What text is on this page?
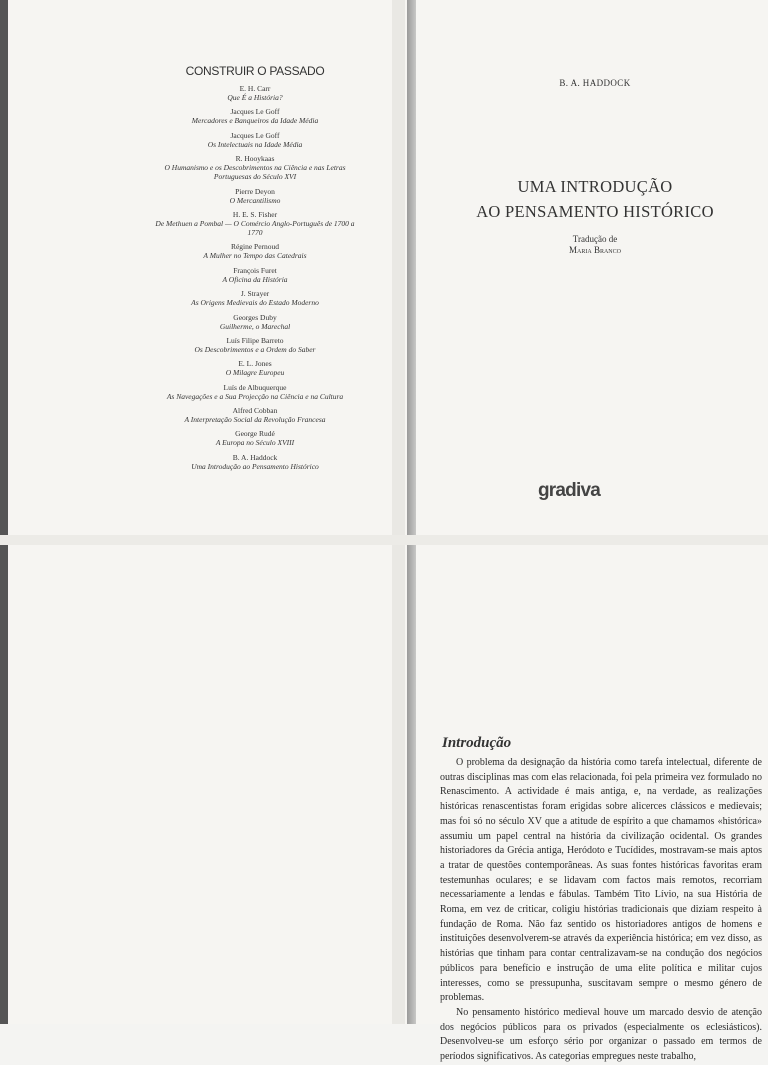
CONSTRUIR O PASSADO
E. H. Carr
Que É a História?
Jacques Le Goff
Mercadores e Banqueiros da Idade Média
Jacques Le Goff
Os Intelectuais na Idade Média
R. Hooykaas
O Humanismo e os Descobrimentos na Ciência e nas Letras Portuguesas do Século XVI
Pierre Deyon
O Mercantilismo
H. E. S. Fisher
De Methuen a Pombal — O Comércio Anglo-Português de 1700 a 1770
Régine Pernoud
A Mulher no Tempo das Catedrais
François Furet
A Oficina da História
J. Strayer
As Origens Medievais do Estado Moderno
Georges Duby
Guilherme, o Marechal
Luís Filipe Barreto
Os Descobrimentos e a Ordem do Saber
E. L. Jones
O Milagre Europeu
Luís de Albuquerque
As Navegações e a Sua Projecção na Ciência e na Cultura
Alfred Cobban
A Interpretação Social da Revolução Francesa
George Rudé
A Europa no Século XVIII
B. A. Haddock
Uma Introdução ao Pensamento Histórico
B. A. HADDOCK
UMA INTRODUÇÃO
AO PENSAMENTO HISTÓRICO
Tradução de
Maria Branco
gradiva
Introdução

O problema da designação da história como tarefa intelectual, diferente de outras disciplinas mas com elas relacionada, foi pela primeira vez formulado no Renascimento. A actividade é mais antiga, e, na verdade, as realizações históricas renascentistas foram erigidas sobre alicerces clássicos e medievais; mas foi só no século XV que a atitude de espírito a que chamamos «histórica» assumiu um papel central na história da civilização ocidental. Os grandes historiadores da Grécia antiga, Heródoto e Tucídides, mostravam-se mais aptos a tratar de questões contemporâneas. As suas fontes históricas favoritas eram testemunhas oculares; e se lidavam com factos mais remotos, recorriam necessariamente a lendas e fábulas. Também Tito Lívio, na sua História de Roma, em vez de criticar, coligiu histórias tradicionais que diziam respeito à fundação de Roma. Não faz sentido os historiadores antigos de homens e instituições desenvolverem-se através da experiência histórica; em vez disso, as histórias que tinham para contar centralizavam-se na condução dos negócios públicos para benefício e instrução de uma elite política e militar cujos interesses, como se pressupunha, suscitavam sempre o mesmo género de problemas.

No pensamento histórico medieval houve um marcado desvio de atenção dos negócios públicos para os privados (especialmente os eclesiásticos). Desenvolveu-se um esforço sério por organizar o passado em termos de períodos significativos. As categorias empregues neste trabalho,
